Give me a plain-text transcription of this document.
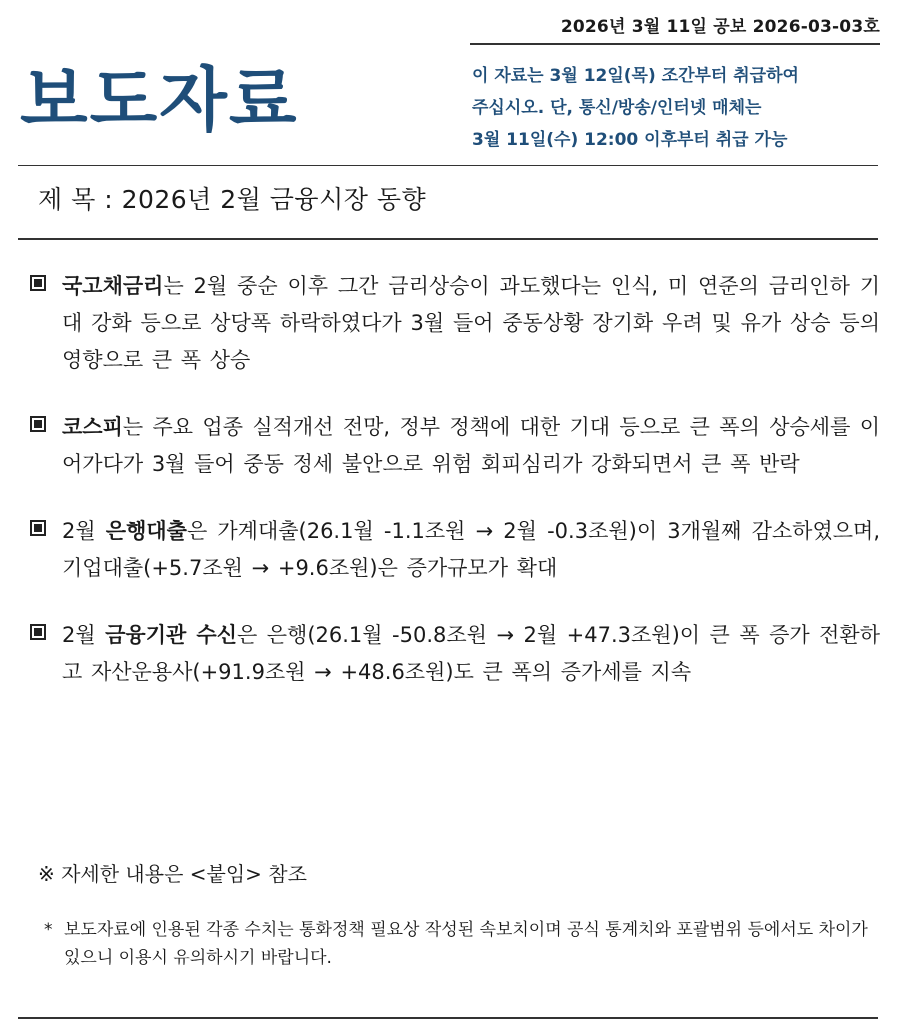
2026년 3월 11일 공보 2026-03-03호
보도자료	이 자료는 3월 12일(목) 조간부터 취급하여
주십시오. 단, 통신/방송/인터넷 매체는
3월 11일(수) 12:00 이후부터 취급 가능
제 목 : 2026년 2월 금융시장 동향
국고채금리는 2월 중순 이후 그간 금리상승이 과도했다는 인식, 미 연준의 금리인하 기대 강화 등으로 상당폭 하락하였다가 3월 들어 중동상황 장기화 우려 및 유가 상승 등의 영향으로 큰 폭 상승
코스피는 주요 업종 실적개선 전망, 정부 정책에 대한 기대 등으로 큰 폭의 상승세를 이어가다가 3월 들어 중동 정세 불안으로 위험 회피심리가 강화되면서 큰 폭 반락
2월 은행대출은 가계대출(26.1월 -1.1조원 → 2월 -0.3조원)이 3개월째 감소하였으며, 기업대출(+5.7조원 → +9.6조원)은 증가규모가 확대
2월 금융기관 수신은 은행(26.1월 -50.8조원 → 2월 +47.3조원)이 큰 폭 증가 전환하고 자산운용사(+91.9조원 → +48.6조원)도 큰 폭의 증가세를 지속
※ 자세한 내용은 <붙임> 참조
* 보도자료에 인용된 각종 수치는 통화정책 필요상 작성된 속보치이며 공식 통계치와 포괄범위 등에서도 차이가 있으니 이용시 유의하시기 바랍니다.
